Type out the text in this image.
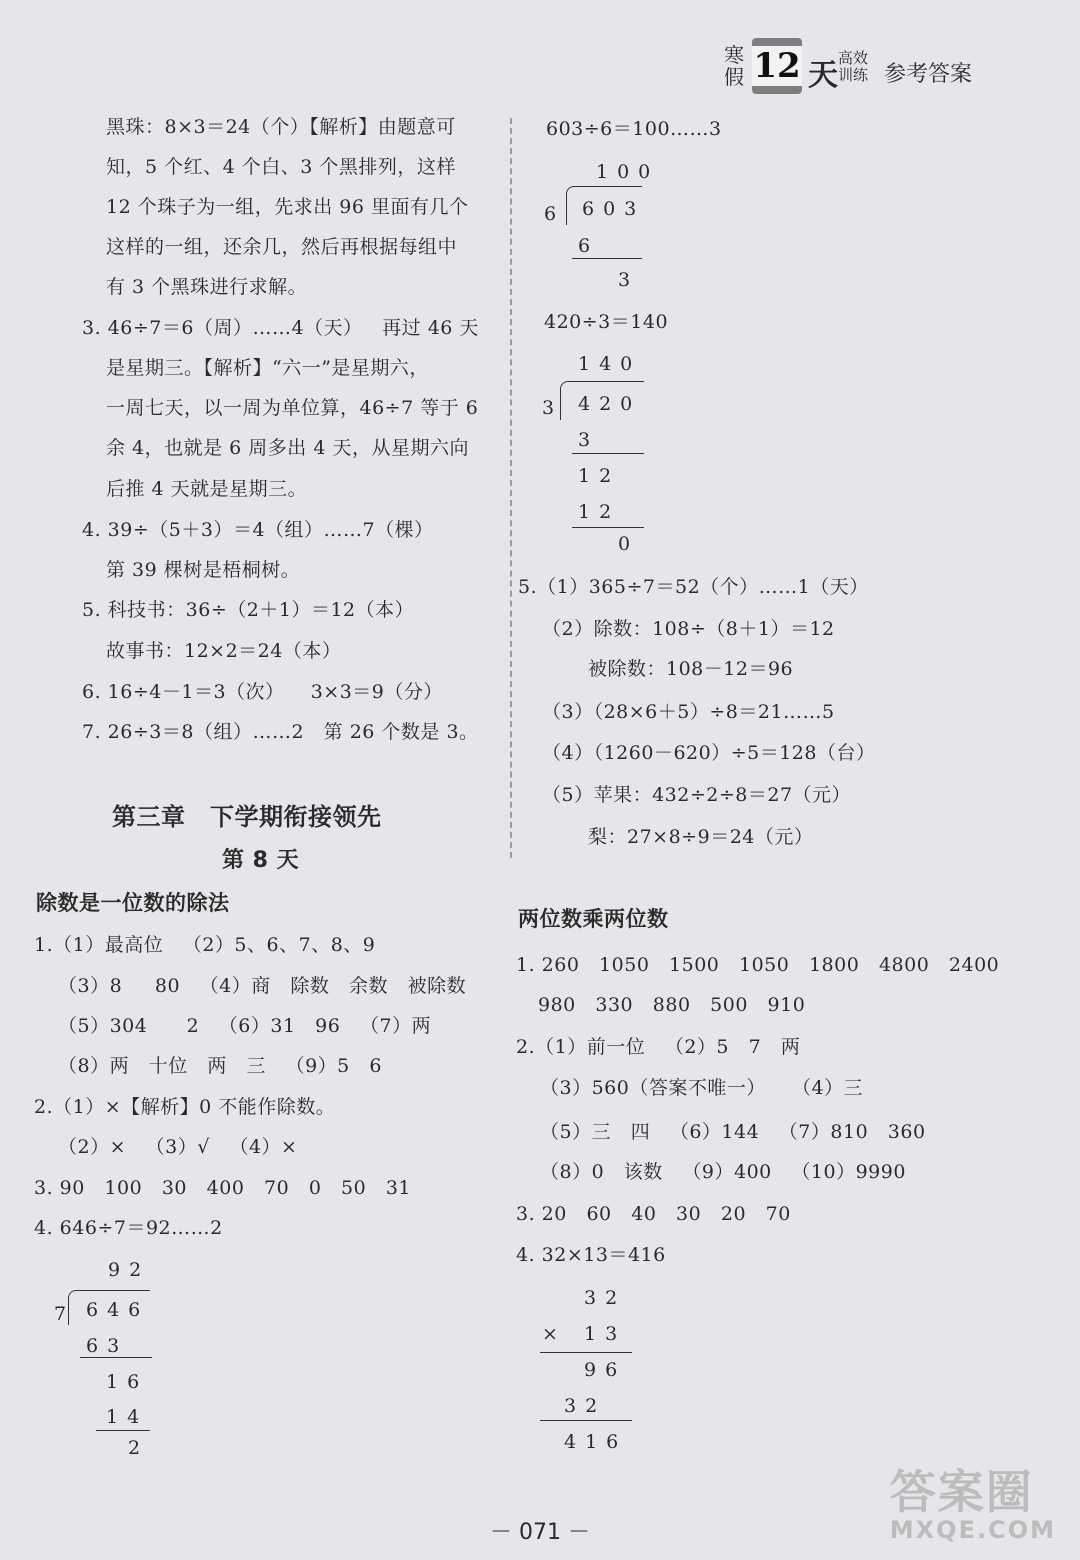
寒
假 12 天 高效
训练 参考答案
黑珠：8×3＝24（个）【解析】由题意可
知，5 个红、4 个白、3 个黑排列，这样
12 个珠子为一组，先求出 96 里面有几个
这样的一组，还余几，然后再根据每组中
有 3 个黑珠进行求解。
3. 46÷7＝6（周）……4（天）   再过 46 天
是星期三。【解析】“六一”是星期六，
一周七天，以一周为单位算，46÷7 等于 6
余 4，也就是 6 周多出 4 天，从星期六向
后推 4 天就是星期三。
4. 39÷（5＋3）＝4（组）……7（棵）
第 39 棵树是梧桐树。
5. 科技书：36÷（2＋1）＝12（本）
故事书：12×2＝24（本）
6. 16÷4－1＝3（次）    3×3＝9（分）
7. 26÷3＝8（组）……2   第 26 个数是 3。
第三章　下学期衔接领先
第 8 天
除数是一位数的除法
1.（1）最高位   （2）5、6、7、8、9
（3）8     80   （4）商   除数   余数   被除数
（5）304      2   （6）31   96   （7）两
（8）两   十位   两   三   （9）5   6
2.（1）×【解析】0 不能作除数。
（2）×   （3）√   （4）×
3. 90   100   30   400   70   0   50   31
4. 646÷7＝92……2
92
7 646
63
16
14
2
603÷6＝100……3
100
6 603
6
3
420÷3＝140
140
3 420
3
12
12
0
5.（1）365÷7＝52（个）……1（天）
（2）除数：108÷（8＋1）＝12
被除数：108－12＝96
（3）（28×6＋5）÷8＝21……5
（4）（1260－620）÷5＝128（台）
（5）苹果：432÷2÷8＝27（元）
梨：27×8÷9＝24（元）
两位数乘两位数
1. 260   1050   1500   1050   1800   4800   2400
980   330   880   500   910
2.（1）前一位   （2）5   7   两
（3）560（答案不唯一）    （4）三
（5）三   四   （6）144   （7）810   360
（8）0   该数   （9）400   （10）9990
3. 20   60   40   30   20   70
4. 32×13＝416
32
× 13
96
32
416
－ 071 －
答案圈
MXQE.COM
